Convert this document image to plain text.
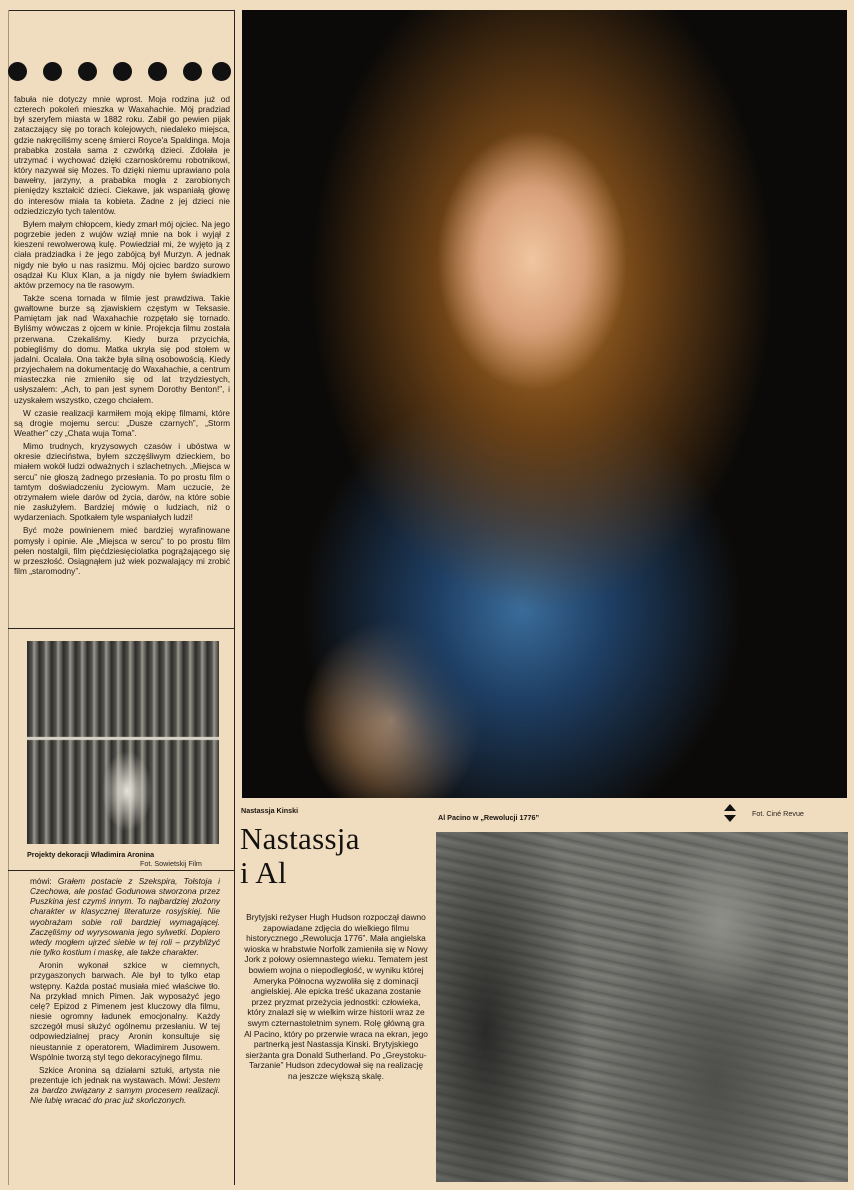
fabuła nie dotyczy mnie wprost. Moja rodzina już od czterech pokoleń mieszka w Waxahachie. Mój pradziad był szeryfem miasta w 1882 roku. Zabił go pewien pijak zataczający się po torach kolejowych, niedaleko miejsca, gdzie nakręciliśmy scenę śmierci Royce'a Spaldinga. Moja prababka została sama z czwórką dzieci. Zdołała je utrzymać i wychować dzięki czarnoskóremu robotnikowi, który nazywał się Mozes. To dzięki niemu uprawiano pola bawełny, jarzyny, a prababka mogła z zarobionych pieniędzy kształcić dzieci. Ciekawe, jak wspaniałą głowę do interesów miała ta kobieta. Żadne z jej dzieci nie odziedziczyło tych talentów.

Byłem małym chłopcem, kiedy zmarł mój ojciec. Na jego pogrzebie jeden z wujów wziął mnie na bok i wyjął z kieszeni rewolwerową kulę. Powiedział mi, że wyjęto ją z ciała pradziadka i że jego zabójcą był Murzyn. A jednak nigdy nie było u nas rasizmu. Mój ojciec bardzo surowo osądzał Ku Klux Klan, a ja nigdy nie byłem świadkiem aktów przemocy na tle rasowym.

Także scena tornada w filmie jest prawdziwa. Takie gwałtowne burze są zjawiskiem częstym w Teksasie. Pamiętam jak nad Waxahachie rozpętało się tornado. Byliśmy wówczas z ojcem w kinie. Projekcja filmu została przerwana. Czekaliśmy. Kiedy burza przycichła, pobiegliśmy do domu. Matka ukryła się pod stołem w jadalni. Ocalała. Ona także była silną osobowością. Kiedy przyjechałem na dokumentację do Waxahachie, a centrum miasteczka nie zmieniło się od lat trzydziestych, usłyszałem: „Ach, to pan jest synem Dorothy Benton!”, i uzyskałem wszystko, czego chciałem.

W czasie realizacji karmiłem moją ekipę filmami, które są drogie mojemu sercu: „Dusze czarnych”, „Storm Weather” czy „Chata wuja Toma”.

Mimo trudnych, kryzysowych czasów i ubóstwa w okresie dzieciństwa, byłem szczęśliwym dzieckiem, bo miałem wokół ludzi odważnych i szlachetnych. „Miejsca w sercu” nie głoszą żadnego przesłania. To po prostu film o tamtym doświadczeniu życiowym. Mam uczucie, że otrzymałem wiele darów od życia, darów, na które sobie nie zasłużyłem. Bardziej mówię o ludziach, niż o wydarzeniach. Spotkałem tyle wspaniałych ludzi!

Być może powinienem mieć bardziej wyrafinowane pomysły i opinie. Ale „Miejsca w sercu” to po prostu film pełen nostalgii, film pięćdziesięciolatka pogrążającego się w przeszłość. Osiągnąłem już wiek pozwalający mi zrobić film „staromodny”.

Projekty dekoracji Władimira Aronina
Fot. Sowietskij Film

mówi: Grałem postacie z Szekspira, Tołstoja i Czechowa, ale postać Godunowa stworzona przez Puszkina jest czymś innym. To najbardziej złożony charakter w klasycznej literaturze rosyjskiej. Nie wyobrażam sobie roli bardziej wymagającej. Zaczęliśmy od wyrysowania jego sylwetki. Dopiero wtedy mogłem ujrzeć siebie w tej roli – przybliżyć nie tylko kostium i maskę, ale także charakter.

Aronin wykonał szkice w ciemnych, przygaszonych barwach. Ale był to tylko etap wstępny. Każda postać musiała mieć właściwe tło. Na przykład mnich Pimen. Jak wyposażyć jego celę? Epizod z Pimenem jest kluczowy dla filmu, niesie ogromny ładunek emocjonalny. Każdy szczegół musi służyć ogólnemu przesłaniu. W tej odpowiedzialnej pracy Aronin konsultuje się nieustannie z operatorem, Władimirem Jusowem. Wspólnie tworzą styl tego dekoracyjnego filmu.

Szkice Aronina są działami sztuki, artysta nie prezentuje ich jednak na wystawach. Mówi: Jestem za bardzo związany z samym procesem realizacji. Nie lubię wracać do prac już skończonych.

Nastassja Kinski
Al Pacino w „Rewolucji 1776”	Fot. Ciné Revue
Nastassja
i Al

Brytyjski reżyser Hugh Hudson rozpoczął dawno zapowiadane zdjęcia do wielkiego filmu historycznego „Rewolucja 1776”. Mała angielska wioska w hrabstwie Norfolk zamieniła się w Nowy Jork z połowy osiemnastego wieku. Tematem jest bowiem wojna o niepodległość, w wyniku której Ameryka Północna wyzwoliła się z dominacji angielskiej. Ale epicka treść ukazana zostanie przez pryzmat przeżycia jednostki: człowieka, który znalazł się w wielkim wirze historii wraz ze swym czternastoletnim synem. Rolę główną gra Al Pacino, który po przerwie wraca na ekran, jego partnerką jest Nastassja Kinski. Brytyjskiego sierżanta gra Donald Sutherland. Po „Greystoku-Tarzanie” Hudson zdecydował się na realizację na jeszcze większą skalę.
